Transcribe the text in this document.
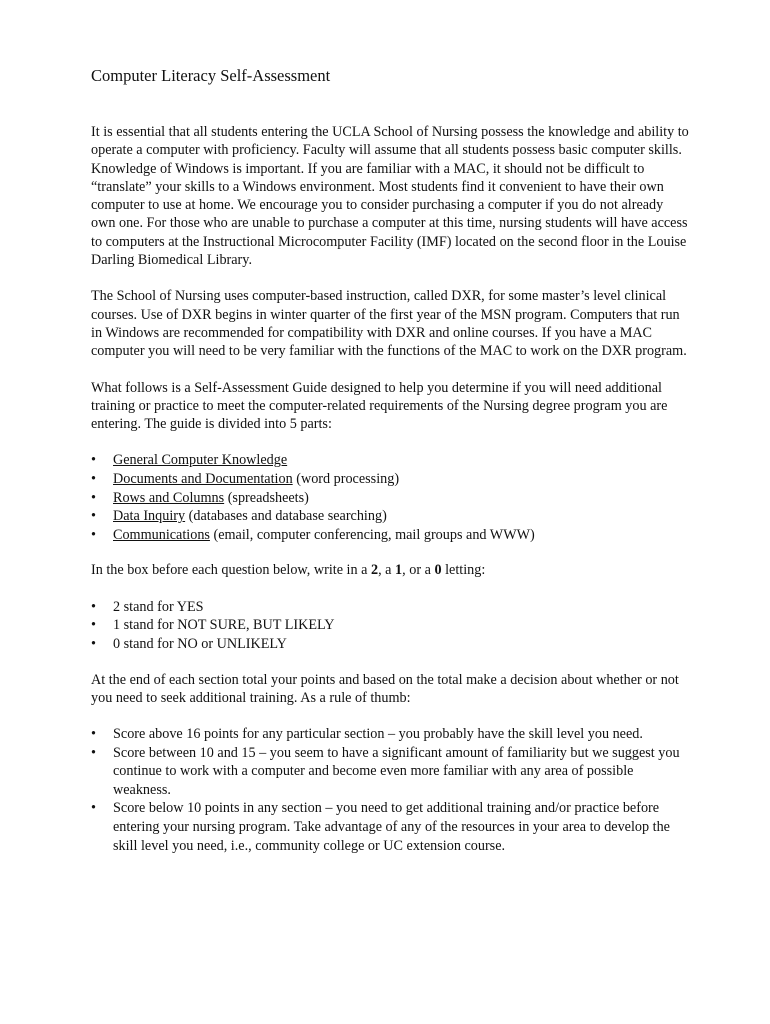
Computer Literacy Self-Assessment

It is essential that all students entering the UCLA School of Nursing possess the knowledge and ability to operate a computer with proficiency. Faculty will assume that all students possess basic computer skills. Knowledge of Windows is important. If you are familiar with a MAC, it should not be difficult to “translate” your skills to a Windows environment. Most students find it convenient to have their own computer to use at home. We encourage you to consider purchasing a computer if you do not already own one. For those who are unable to purchase a computer at this time, nursing students will have access to computers at the Instructional Microcomputer Facility (IMF) located on the second floor in the Louise Darling Biomedical Library.

The School of Nursing uses computer-based instruction, called DXR, for some master’s level clinical courses. Use of DXR begins in winter quarter of the first year of the MSN program. Computers that run in Windows are recommended for compatibility with DXR and online courses. If you have a MAC computer you will need to be very familiar with the functions of the MAC to work on the DXR program.

What follows is a Self-Assessment Guide designed to help you determine if you will need additional training or practice to meet the computer-related requirements of the Nursing degree program you are entering. The guide is divided into 5 parts:

• General Computer Knowledge
• Documents and Documentation (word processing)
• Rows and Columns (spreadsheets)
• Data Inquiry (databases and database searching)
• Communications (email, computer conferencing, mail groups and WWW)

In the box before each question below, write in a 2, a 1, or a 0 letting:

• 2 stand for YES
• 1 stand for NOT SURE, BUT LIKELY
• 0 stand for NO or UNLIKELY

At the end of each section total your points and based on the total make a decision about whether or not you need to seek additional training. As a rule of thumb:

• Score above 16 points for any particular section – you probably have the skill level you need.
• Score between 10 and 15 – you seem to have a significant amount of familiarity but we suggest you continue to work with a computer and become even more familiar with any area of possible weakness.
• Score below 10 points in any section – you need to get additional training and/or practice before entering your nursing program. Take advantage of any of the resources in your area to develop the skill level you need, i.e., community college or UC extension course.
